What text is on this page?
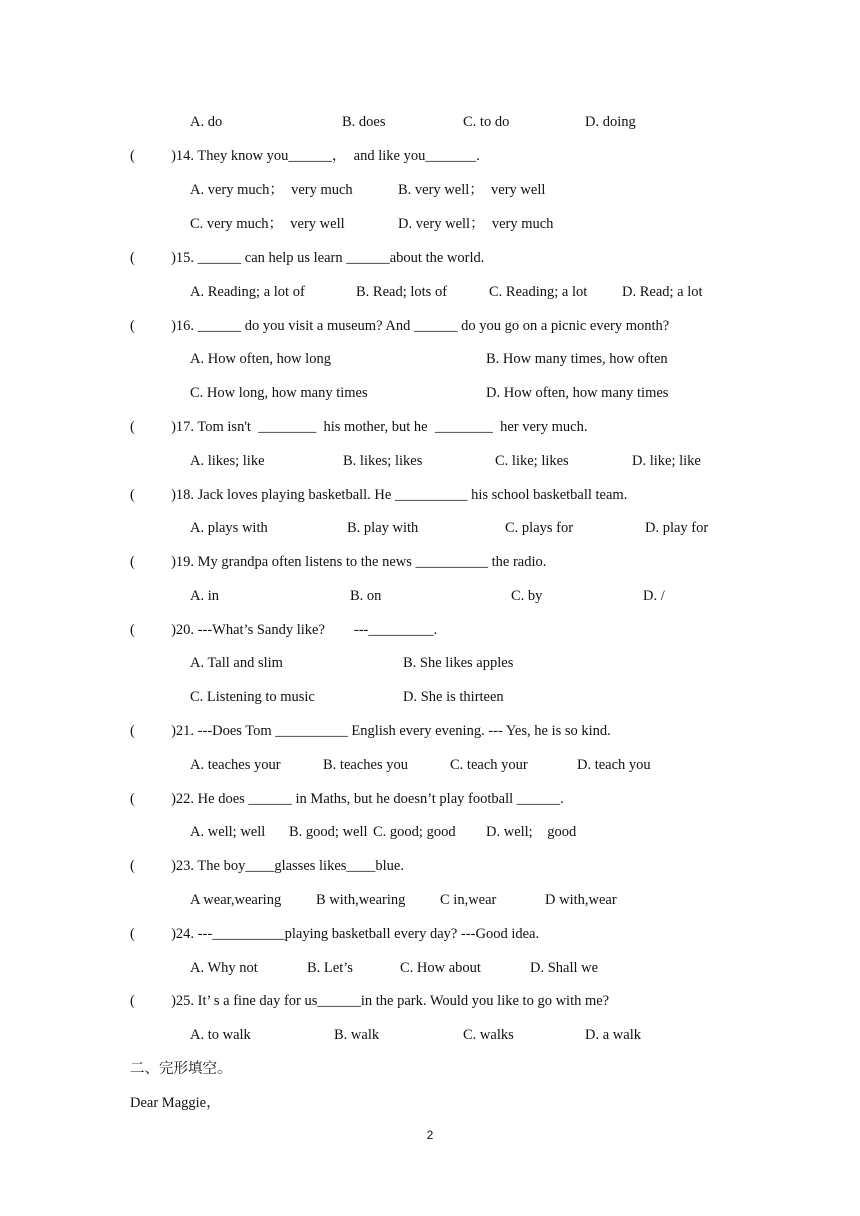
A. do	B. does	C. to do	D. doing
(          )14. They know you______，  and like you_______.
A. very much；  very much	B. very well；  very well
C. very much；  very well	D. very well；  very much
(          )15. ______ can help us learn ______about the world.
A. Reading; a lot of	B. Read; lots of	C. Reading; a lot D. Read; a lot
(          )16. ______ do you visit a museum? And ______ do you go on a picnic every month?
A. How often, how long	B. How many times, how often
C. How long, how many times	D. How often, how many times
(          )17. Tom isn't  ________  his mother, but he  ________  her very much.
A. likes; like	B. likes; likes	C. like; likes	D. like; like
(          )18. Jack loves playing basketball. He __________ his school basketball team.
A. plays with	B. play with	C. plays for	D. play for
(          )19. My grandpa often listens to the news __________ the radio.
A. in	B. on	C. by	D. /
(          )20. ---What’s Sandy like?        ---_________.
A. Tall and slim	B. She likes apples
C. Listening to music	D. She is thirteen
(          )21. ---Does Tom __________ English every evening. --- Yes, he is so kind.
A. teaches your	B. teaches you	C. teach your	D. teach you
(          )22. He does ______ in Maths, but he doesn’t play football ______.
A. well; well B. good; well C. good; good D. well;    good
(          )23. The boy____glasses likes____blue.
A wear,wearing B with,wearing C in,wear	D with,wear
(          )24. ---__________playing basketball every day? ---Good idea.
A. Why not	B. Let’s	C. How about	D. Shall we
(          )25. It’ s a fine day for us______in the park. Would you like to go with me?
A. to walk	B. walk	C. walks	D. a walk
二、完形填空。
Dear Maggie，
2
